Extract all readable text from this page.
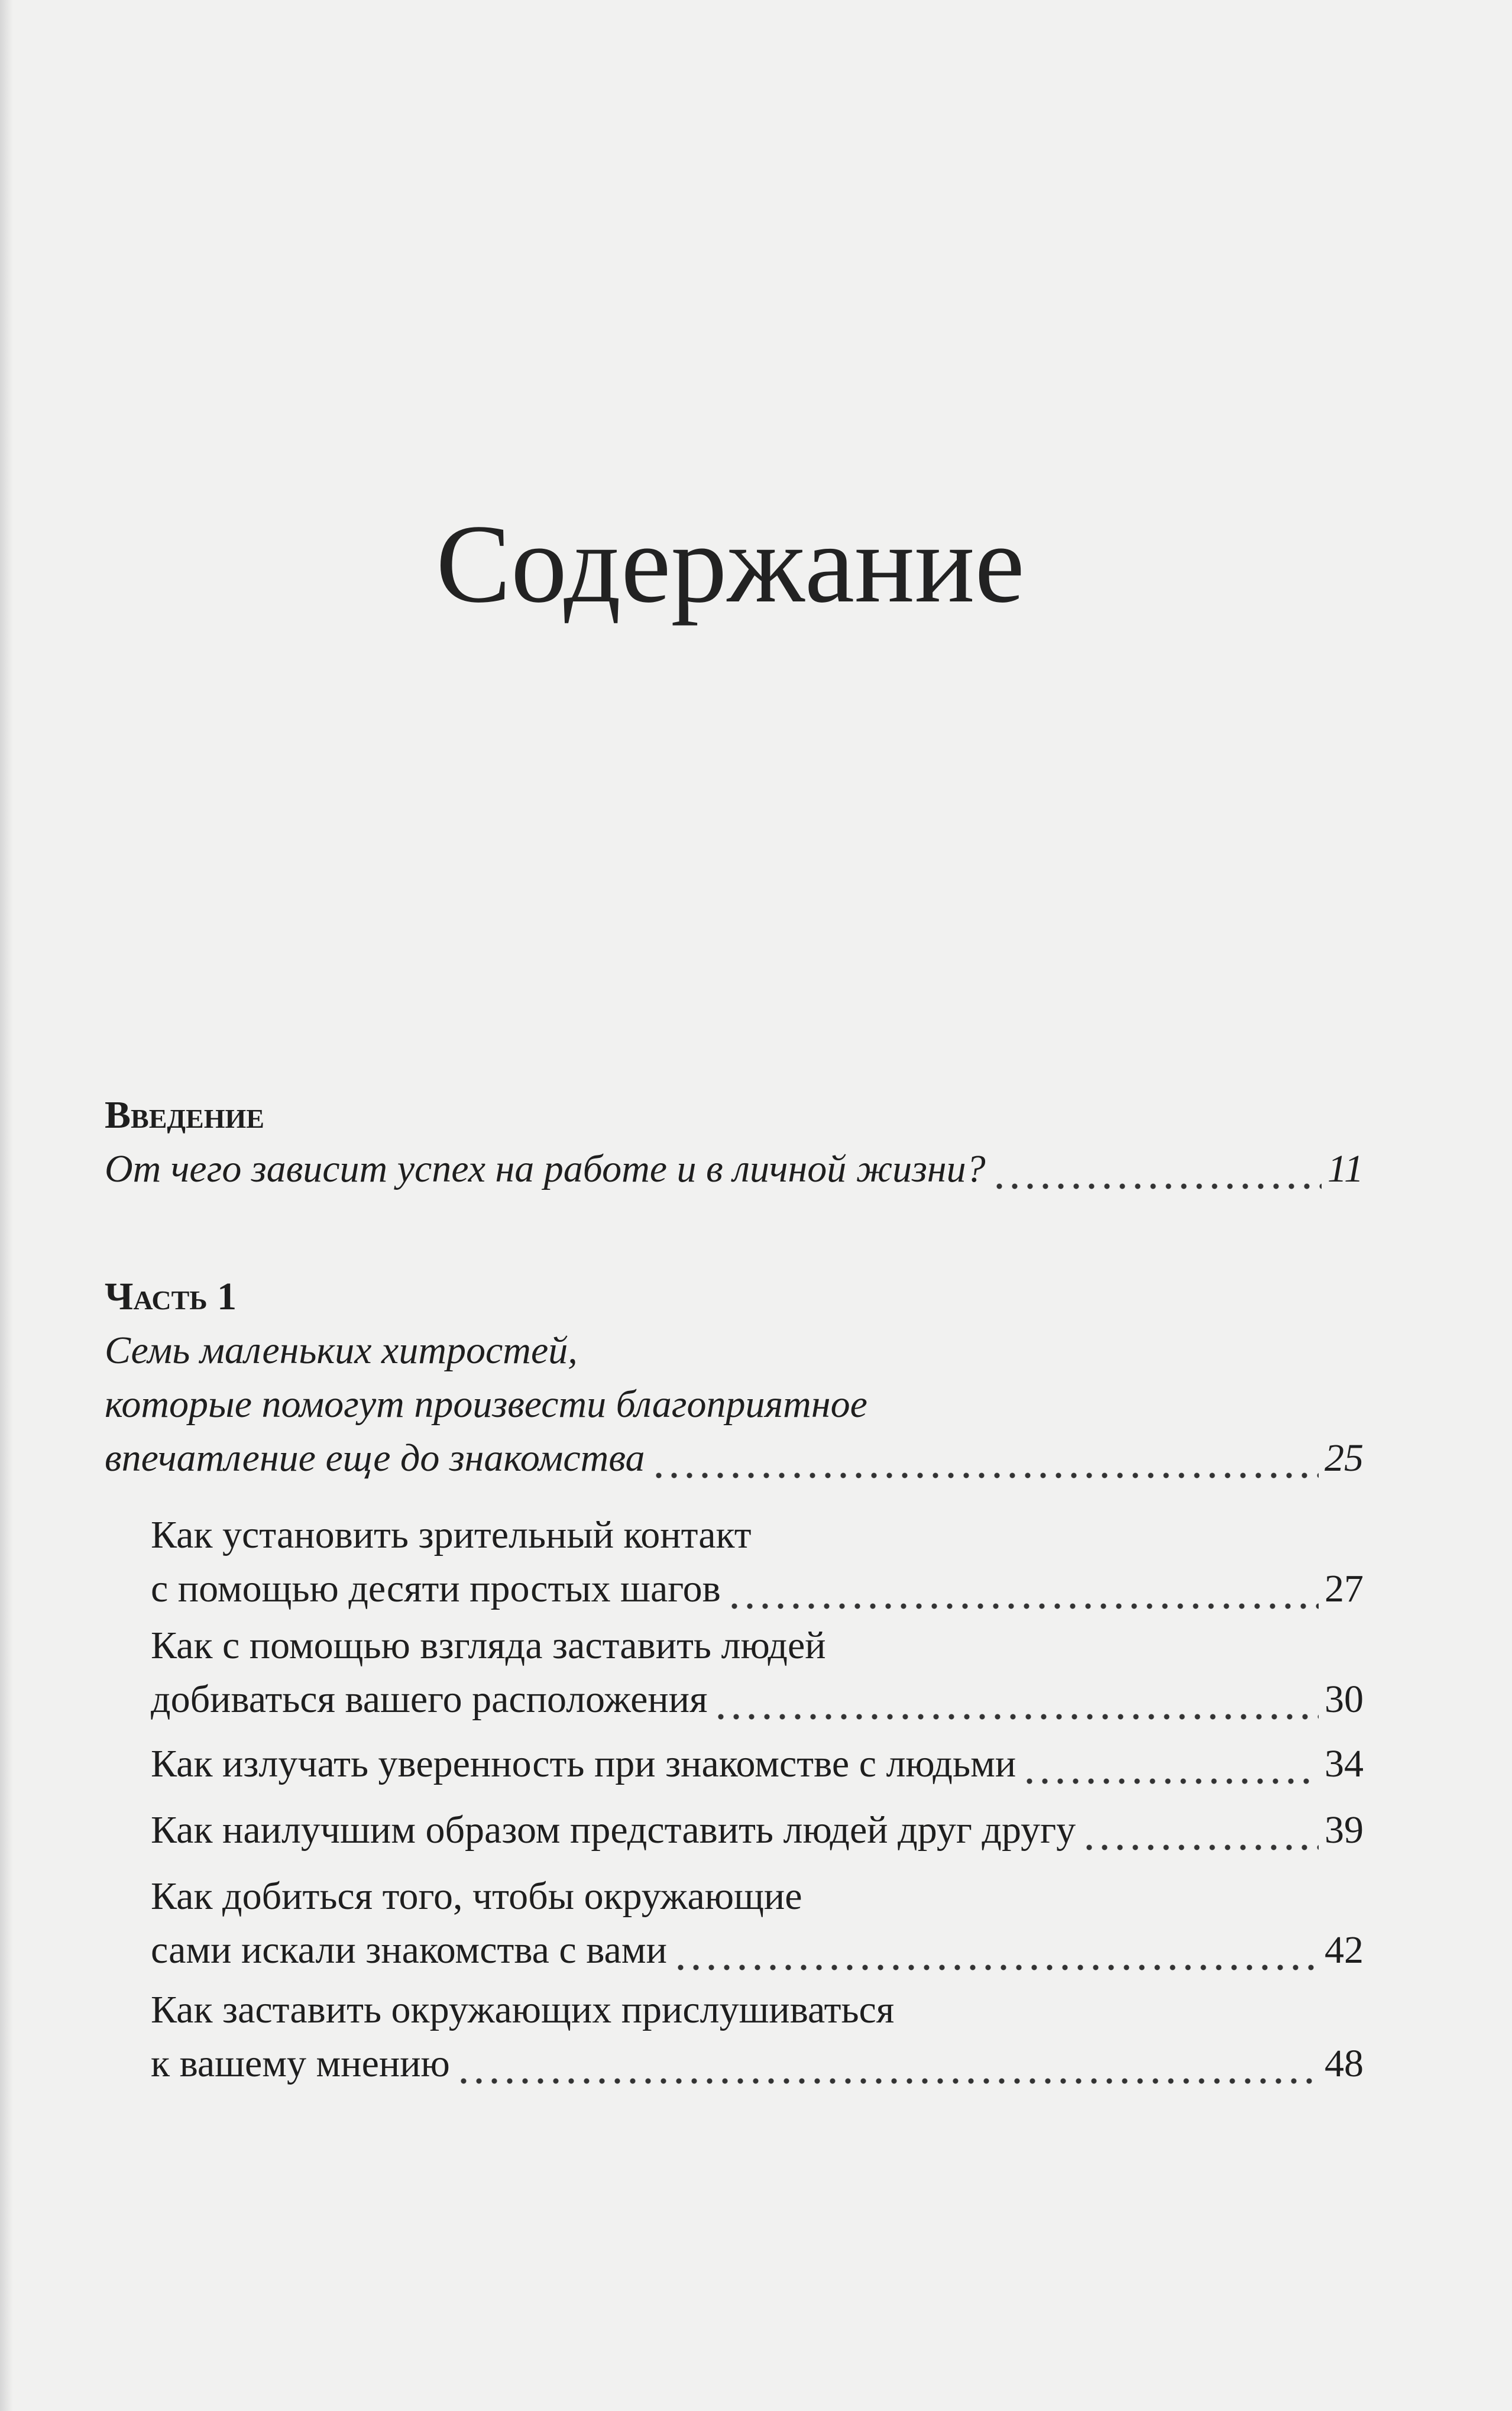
Содержание
Введение
От чего зависит успех на работе и в личной жизни?	11
Часть 1
Семь маленьких хитростей,
которые помогут произвести благоприятное
впечатление еще до знакомства	25
Как установить зрительный контакт
с помощью десяти простых шагов	27
Как с помощью взгляда заставить людей
добиваться вашего расположения	30
Как излучать уверенность при знакомстве с людьми	34
Как наилучшим образом представить людей друг другу	39
Как добиться того, чтобы окружающие
сами искали знакомства с вами	42
Как заставить окружающих прислушиваться
к вашему мнению	48
